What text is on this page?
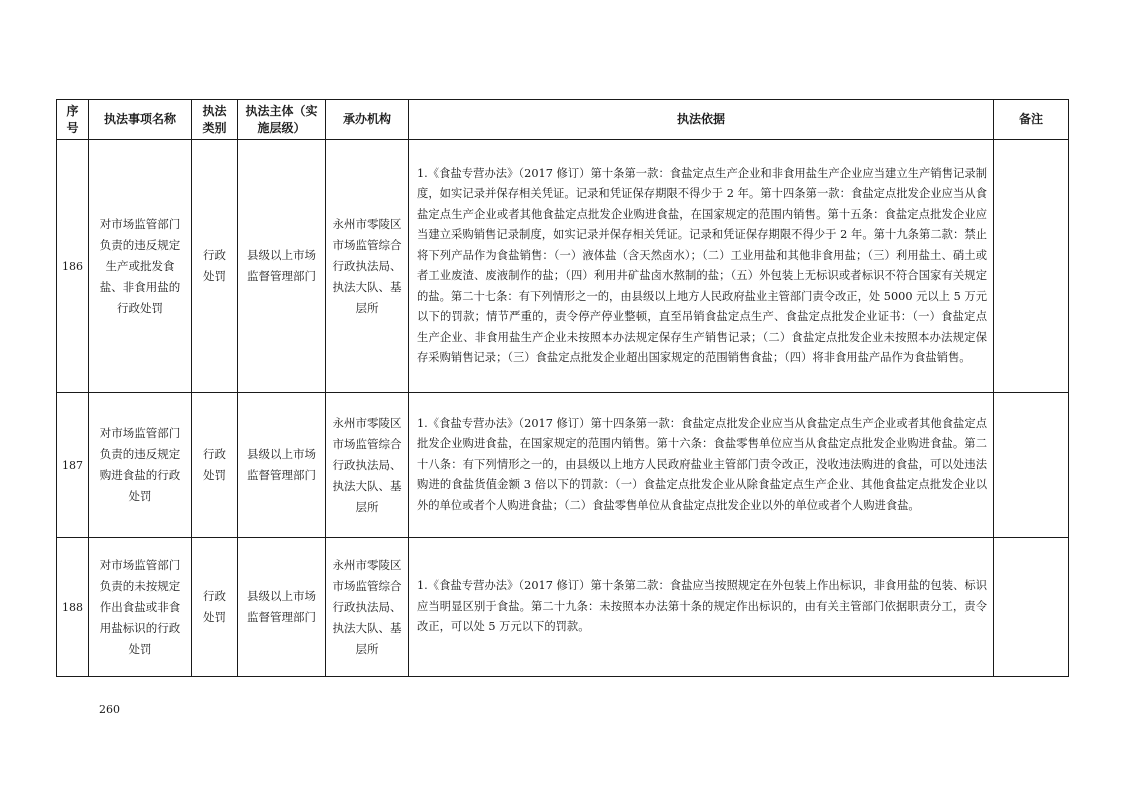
序号	执法事项名称	执法类别	执法主体（实施层级）	承办机构	执法依据	备注
186	对市场监管部门负责的违反规定生产或批发食盐、非食用盐的行政处罚	行政处罚	县级以上市场监督管理部门	永州市零陵区市场监管综合行政执法局、执法大队、基层所	1.《食盐专营办法》（2017 修订）第十条第一款：食盐定点生产企业和非食用盐生产企业应当建立生产销售记录制度，如实记录并保存相关凭证。记录和凭证保存期限不得少于 2 年。第十四条第一款：食盐定点批发企业应当从食盐定点生产企业或者其他食盐定点批发企业购进食盐，在国家规定的范围内销售。第十五条：食盐定点批发企业应当建立采购销售记录制度，如实记录并保存相关凭证。记录和凭证保存期限不得少于 2 年。第十九条第二款：禁止将下列产品作为食盐销售：（一）液体盐（含天然卤水）；（二）工业用盐和其他非食用盐；（三）利用盐土、硝土或者工业废渣、废液制作的盐；（四）利用井矿盐卤水熬制的盐；（五）外包装上无标识或者标识不符合国家有关规定的盐。第二十七条：有下列情形之一的，由县级以上地方人民政府盐业主管部门责令改正，处 5000 元以上 5 万元以下的罚款；情节严重的，责令停产停业整顿，直至吊销食盐定点生产、食盐定点批发企业证书：（一）食盐定点生产企业、非食用盐生产企业未按照本办法规定保存生产销售记录；（二）食盐定点批发企业未按照本办法规定保存采购销售记录；（三）食盐定点批发企业超出国家规定的范围销售食盐；（四）将非食用盐产品作为食盐销售。	
187	对市场监管部门负责的违反规定购进食盐的行政处罚	行政处罚	县级以上市场监督管理部门	永州市零陵区市场监管综合行政执法局、执法大队、基层所	1.《食盐专营办法》（2017 修订）第十四条第一款：食盐定点批发企业应当从食盐定点生产企业或者其他食盐定点批发企业购进食盐，在国家规定的范围内销售。第十六条：食盐零售单位应当从食盐定点批发企业购进食盐。第二十八条：有下列情形之一的，由县级以上地方人民政府盐业主管部门责令改正，没收违法购进的食盐，可以处违法购进的食盐货值金额 3 倍以下的罚款：（一）食盐定点批发企业从除食盐定点生产企业、其他食盐定点批发企业以外的单位或者个人购进食盐；（二）食盐零售单位从食盐定点批发企业以外的单位或者个人购进食盐。	
188	对市场监管部门负责的未按规定作出食盐或非食用盐标识的行政处罚	行政处罚	县级以上市场监督管理部门	永州市零陵区市场监管综合行政执法局、执法大队、基层所	1.《食盐专营办法》（2017 修订）第十条第二款：食盐应当按照规定在外包装上作出标识，非食用盐的包装、标识应当明显区别于食盐。第二十九条：未按照本办法第十条的规定作出标识的，由有关主管部门依据职责分工，责令改正，可以处 5 万元以下的罚款。	
260
